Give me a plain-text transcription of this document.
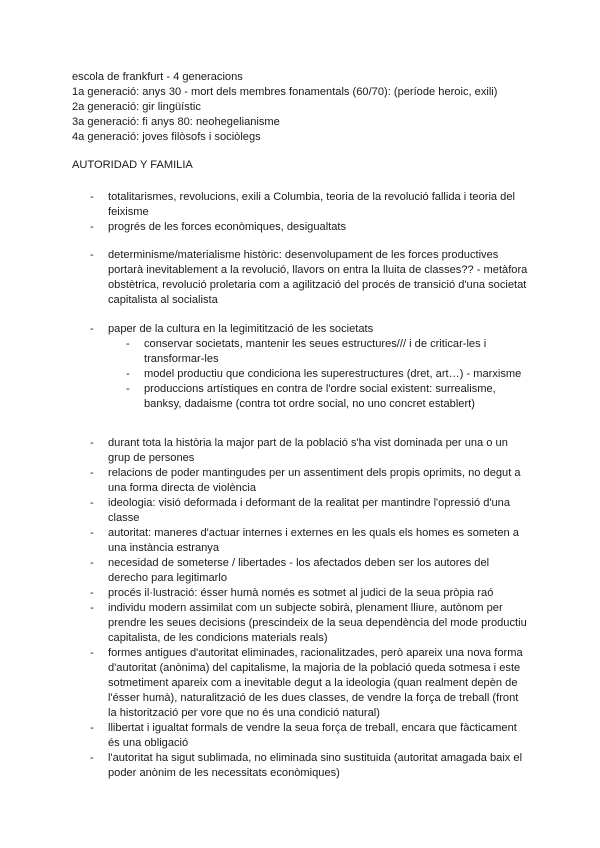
escola de frankfurt - 4 generacions
1a generació: anys 30 - mort dels membres fonamentals (60/70): (període heroic, exili)
2a generació: gir lingüístic
3a generació: fi anys 80: neohegelianisme
4a generació: joves filòsofs i sociòlegs
AUTORIDAD Y FAMILIA
- totalitarismes, revolucions, exili a Columbia, teoria de la revolució fallida i teoria del feixisme
- progrés de les forces econòmiques, desigualtats
- determinisme/materialisme històric: desenvolupament de les forces productives portarà inevitablement a la revolució, llavors on entra la lluita de classes?? - metàfora obstètrica, revolució proletaria com a agilització del procés de transició d'una societat capitalista al socialista
- paper de la cultura en la legimitització de les societats
- conservar societats, mantenir les seues estructures/// i de criticar-les i transformar-les
- model productiu que condiciona les superestructures (dret, art…) - marxisme
- produccions artístiques en contra de l'ordre social existent: surrealisme, banksy, dadaisme (contra tot ordre social, no uno concret establert)
- durant tota la història la major part de la població s'ha vist dominada per una o un grup de persones
- relacions de poder mantingudes per un assentiment dels propis oprimits, no degut a una forma directa de violència
- ideologia: visió deformada i deformant de la realitat per mantindre l'opressió d'una classe
- autoritat: maneres d'actuar internes i externes en les quals els homes es someten a una instància estranya
- necesidad de someterse / libertades - los afectados deben ser los autores del derecho para legitimarlo
- procés il·lustració: ésser humà només es sotmet al judici de la seua pròpia raó
- individu modern assimilat com un subjecte sobirà, plenament lliure, autònom per prendre les seues decisions (prescindeix de la seua dependència del mode productiu capitalista, de les condicions materials reals)
- formes antigues d'autoritat eliminades, racionalitzades, però apareix una nova forma d'autoritat (anònima) del capitalisme, la majoria de la població queda sotmesa i este sotmetiment apareix com a inevitable degut a la ideologia (quan realment depèn de l'ésser humà), naturalització de les dues classes, de vendre la força de treball (front la historització per vore que no és una condició natural)
- llibertat i igualtat formals de vendre la seua força de treball, encara que fàcticament és una obligació
- l'autoritat ha sigut sublimada, no eliminada sino sustituida (autoritat amagada baix el poder anònim de les necessitats econòmiques)
